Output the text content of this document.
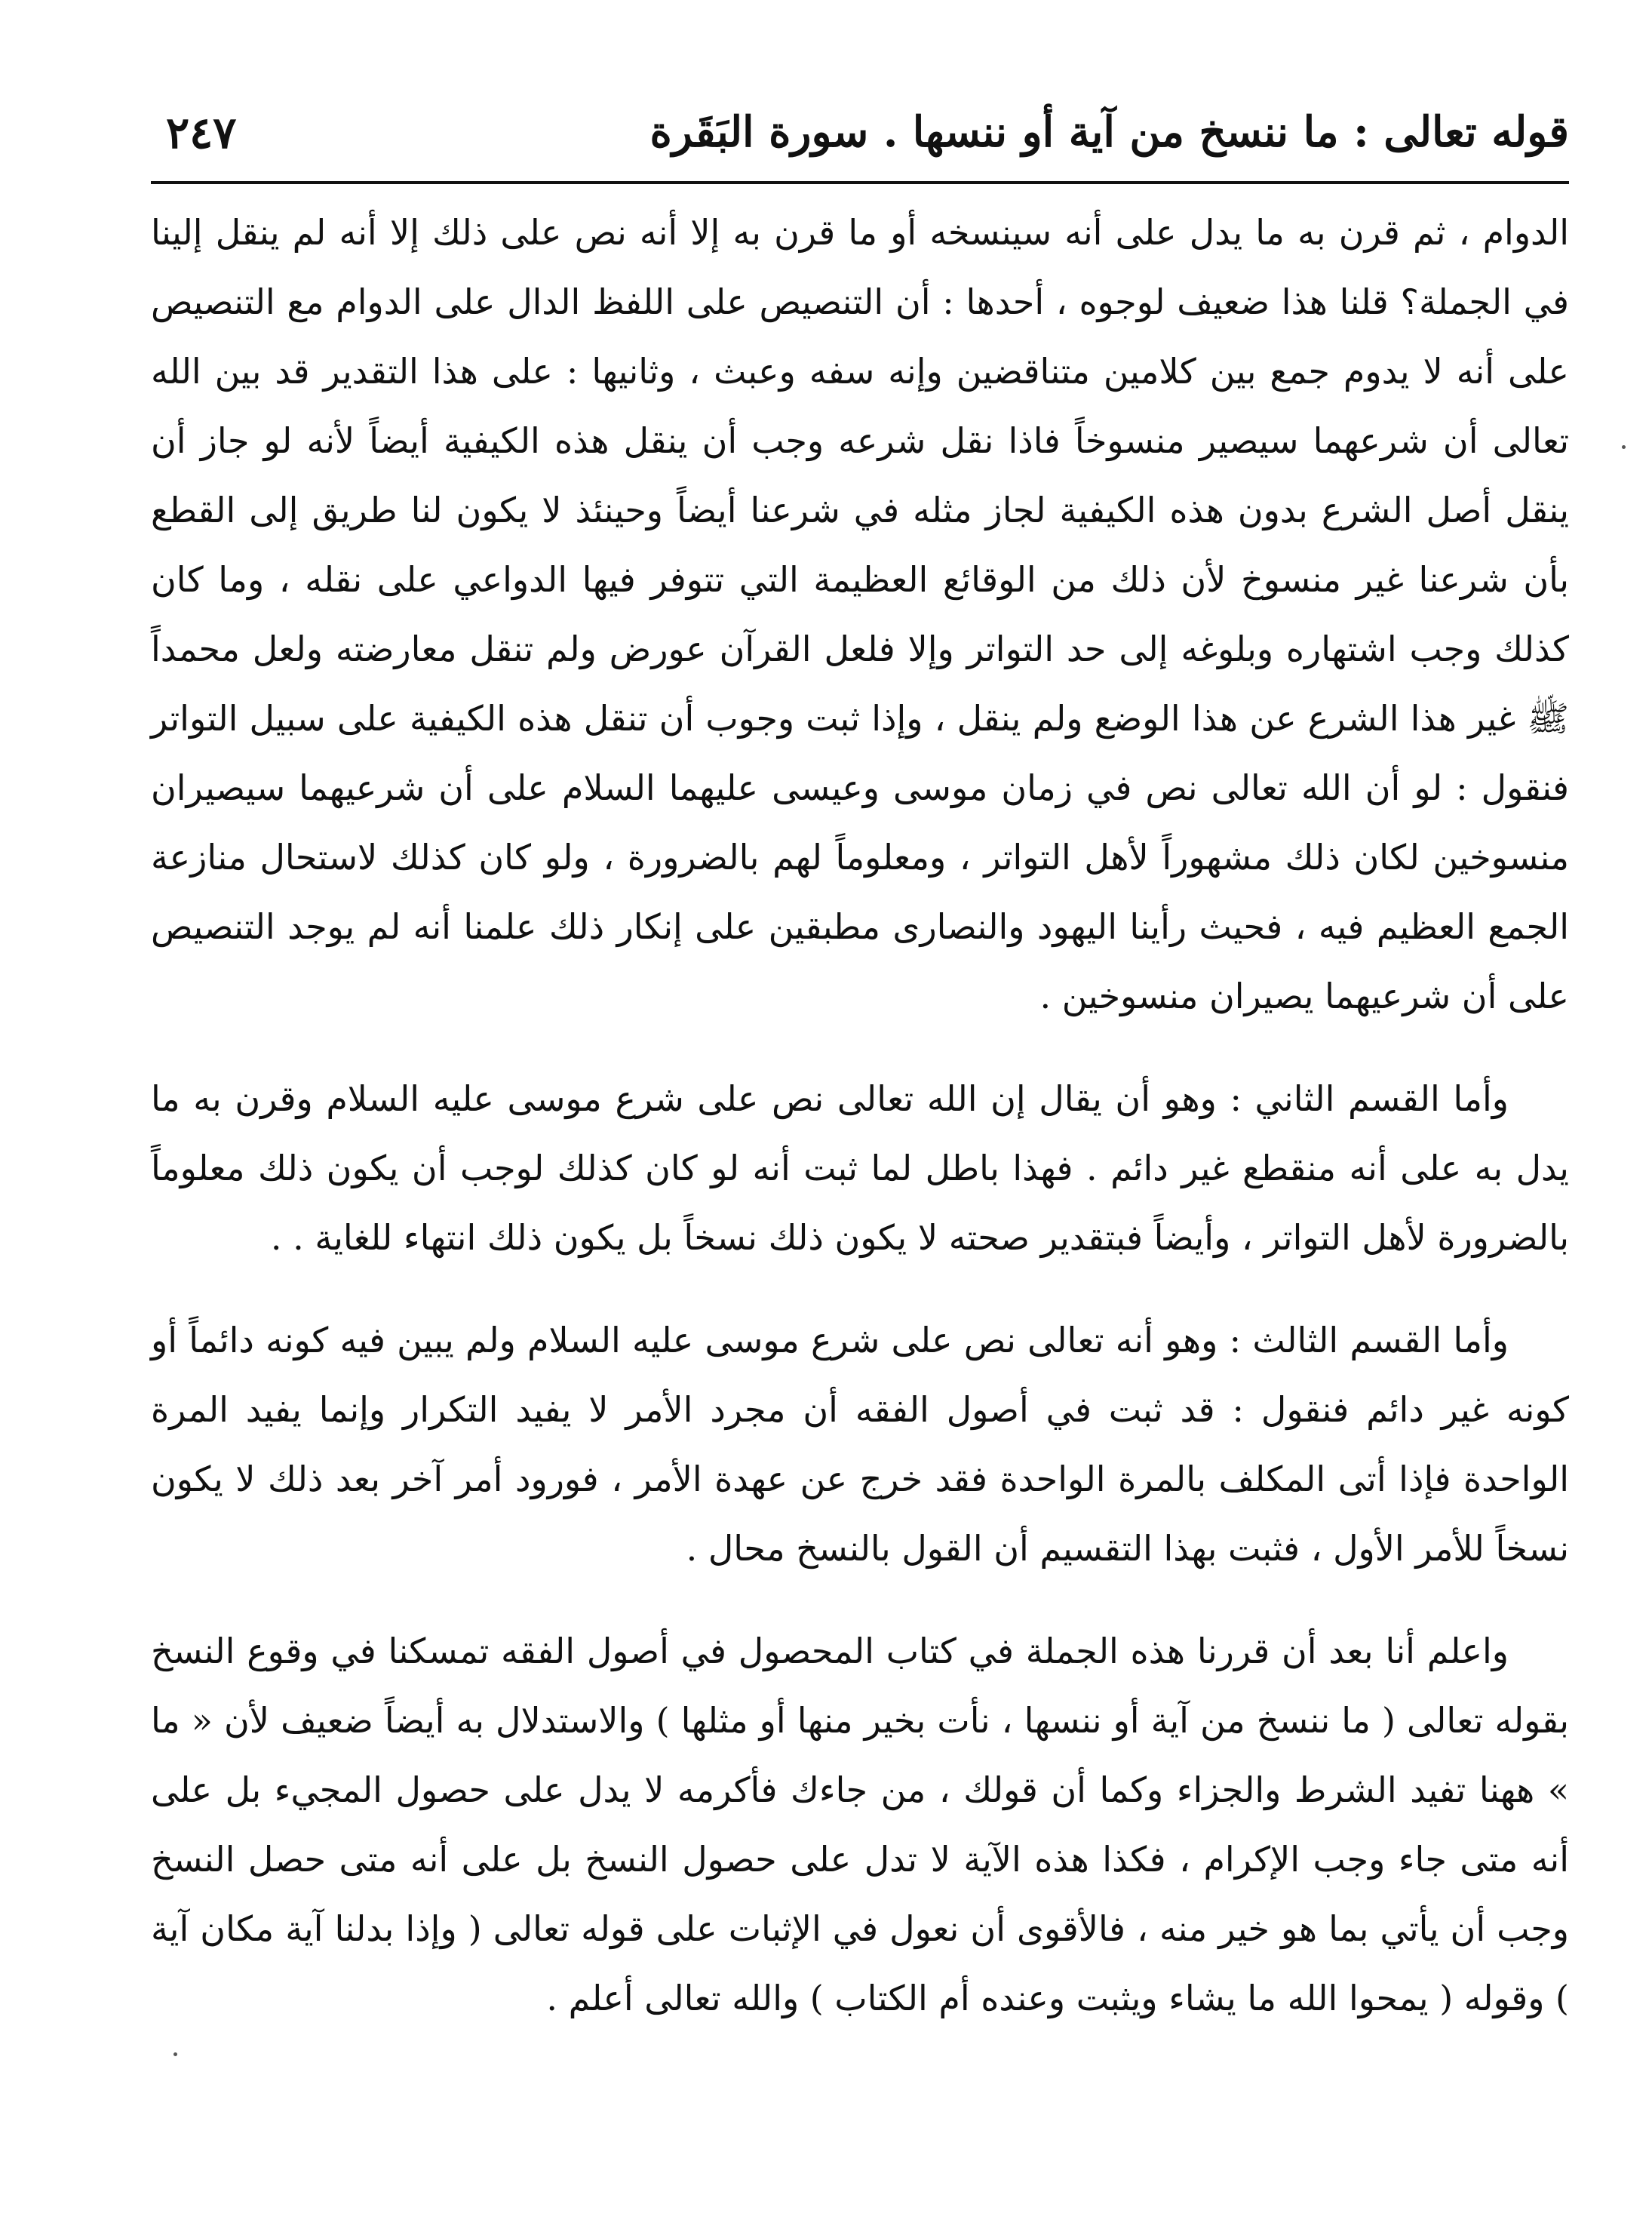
قوله تعالى : ما ننسخ من آية أو ننسها . سورة البَقَرة
٢٤٧

الدوام ، ثم قرن به ما يدل على أنه سينسخه أو ما قرن به إلا أنه نص على ذلك إلا أنه لم ينقل إلينا في الجملة؟ قلنا هذا ضعيف لوجوه ، أحدها : أن التنصيص على اللفظ الدال على الدوام مع التنصيص على أنه لا يدوم جمع بين كلامين متناقضين وإنه سفه وعبث ، وثانيها : على هذا التقدير قد بين الله تعالى أن شرعهما سيصير منسوخاً فاذا نقل شرعه وجب أن ينقل هذه الكيفية أيضاً لأنه لو جاز أن ينقل أصل الشرع بدون هذه الكيفية لجاز مثله في شرعنا أيضاً وحينئذ لا يكون لنا طريق إلى القطع بأن شرعنا غير منسوخ لأن ذلك من الوقائع العظيمة التي تتوفر فيها الدواعي على نقله ، وما كان كذلك وجب اشتهاره وبلوغه إلى حد التواتر وإلا فلعل القرآن عورض ولم تنقل معارضته ولعل محمداً ﷺ غير هذا الشرع عن هذا الوضع ولم ينقل ، وإذا ثبت وجوب أن تنقل هذه الكيفية على سبيل التواتر فنقول : لو أن الله تعالى نص في زمان موسى وعيسى عليهما السلام على أن شرعيهما سيصيران منسوخين لكان ذلك مشهوراً لأهل التواتر ، ومعلوماً لهم بالضرورة ، ولو كان كذلك لاستحال منازعة الجمع العظيم فيه ، فحيث رأينا اليهود والنصارى مطبقين على إنكار ذلك علمنا أنه لم يوجد التنصيص على أن شرعيهما يصيران منسوخين .

وأما القسم الثاني : وهو أن يقال إن الله تعالى نص على شرع موسى عليه السلام وقرن به ما يدل به على أنه منقطع غير دائم . فهذا باطل لما ثبت أنه لو كان كذلك لوجب أن يكون ذلك معلوماً بالضرورة لأهل التواتر ، وأيضاً فبتقدير صحته لا يكون ذلك نسخاً بل يكون ذلك انتهاء للغاية . .

وأما القسم الثالث : وهو أنه تعالى نص على شرع موسى عليه السلام ولم يبين فيه كونه دائماً أو كونه غير دائم فنقول : قد ثبت في أصول الفقه أن مجرد الأمر لا يفيد التكرار وإنما يفيد المرة الواحدة فإذا أتى المكلف بالمرة الواحدة فقد خرج عن عهدة الأمر ، فورود أمر آخر بعد ذلك لا يكون نسخاً للأمر الأول ، فثبت بهذا التقسيم أن القول بالنسخ محال .

واعلم أنا بعد أن قررنا هذه الجملة في كتاب المحصول في أصول الفقه تمسكنا في وقوع النسخ بقوله تعالى ( ما ننسخ من آية أو ننسها ، نأت بخير منها أو مثلها ) والاستدلال به أيضاً ضعيف لأن « ما » ههنا تفيد الشرط والجزاء وكما أن قولك ، من جاءك فأكرمه لا يدل على حصول المجيء بل على أنه متى جاء وجب الإكرام ، فكذا هذه الآية لا تدل على حصول النسخ بل على أنه متى حصل النسخ وجب أن يأتي بما هو خير منه ، فالأقوى أن نعول في الإثبات على قوله تعالى ( وإذا بدلنا آية مكان آية ) وقوله ( يمحوا الله ما يشاء ويثبت وعنده أم الكتاب ) والله تعالى أعلم .
